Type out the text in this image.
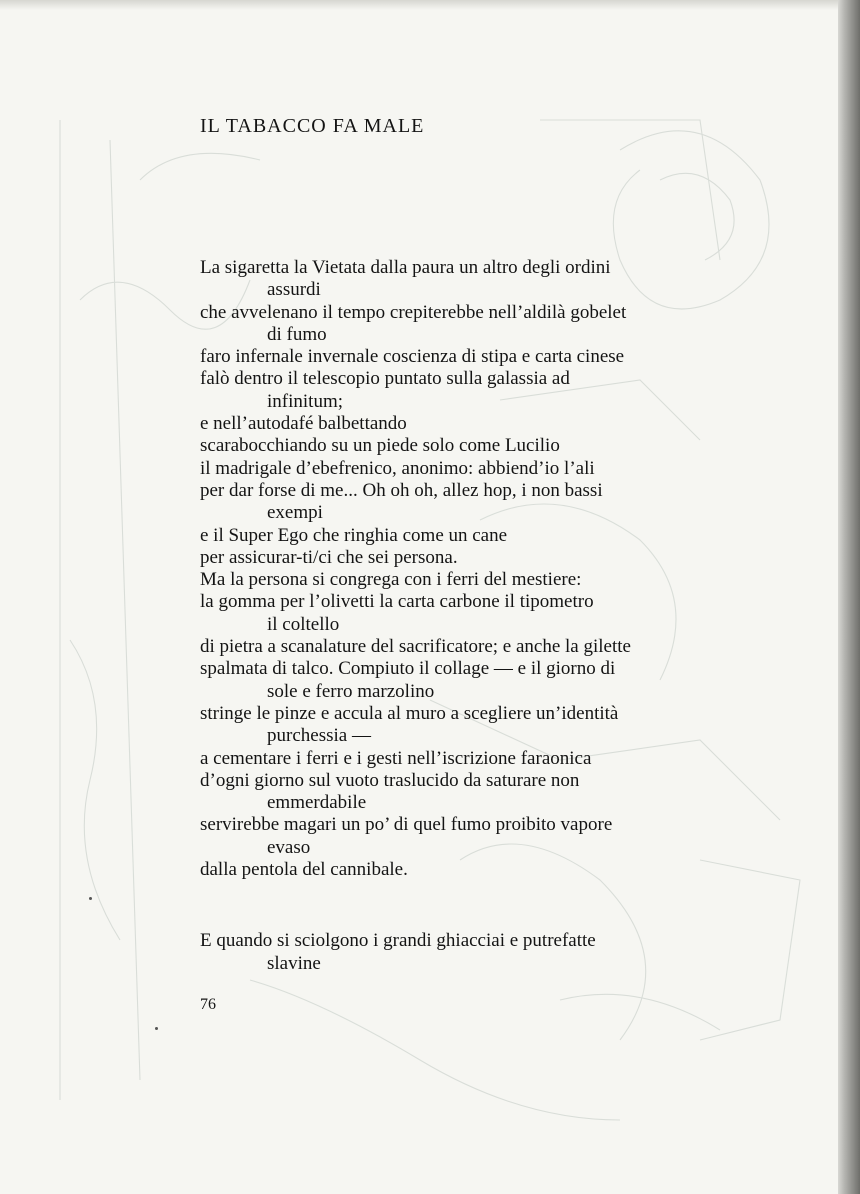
IL TABACCO FA MALE
La sigaretta la Vietata dalla paura un altro degli ordini
assurdi
che avvelenano il tempo crepiterebbe nell’aldilà gobelet
di fumo
faro infernale invernale coscienza di stipa e carta cinese
falò dentro il telescopio puntato sulla galassia ad
infinitum;
e nell’autodafé balbettando
scarabocchiando su un piede solo come Lucilio
il madrigale d’ebefrenico, anonimo: abbiend’io l’ali
per dar forse di me... Oh oh oh, allez hop, i non bassi
exempi
e il Super Ego che ringhia come un cane
per assicurar-ti/ci che sei persona.
Ma la persona si congrega con i ferri del mestiere:
la gomma per l’olivetti la carta carbone il tipometro
il coltello
di pietra a scanalature del sacrificatore; e anche la gilette
spalmata di talco. Compiuto il collage — e il giorno di
sole e ferro marzolino
stringe le pinze e accula al muro a scegliere un’identità
purchessia —
a cementare i ferri e i gesti nell’iscrizione faraonica
d’ogni giorno sul vuoto traslucido da saturare non
emmerdabile
servirebbe magari un po’ di quel fumo proibito vapore
evaso
dalla pentola del cannibale.
E quando si sciolgono i grandi ghiacciai e putrefatte
slavine
76
